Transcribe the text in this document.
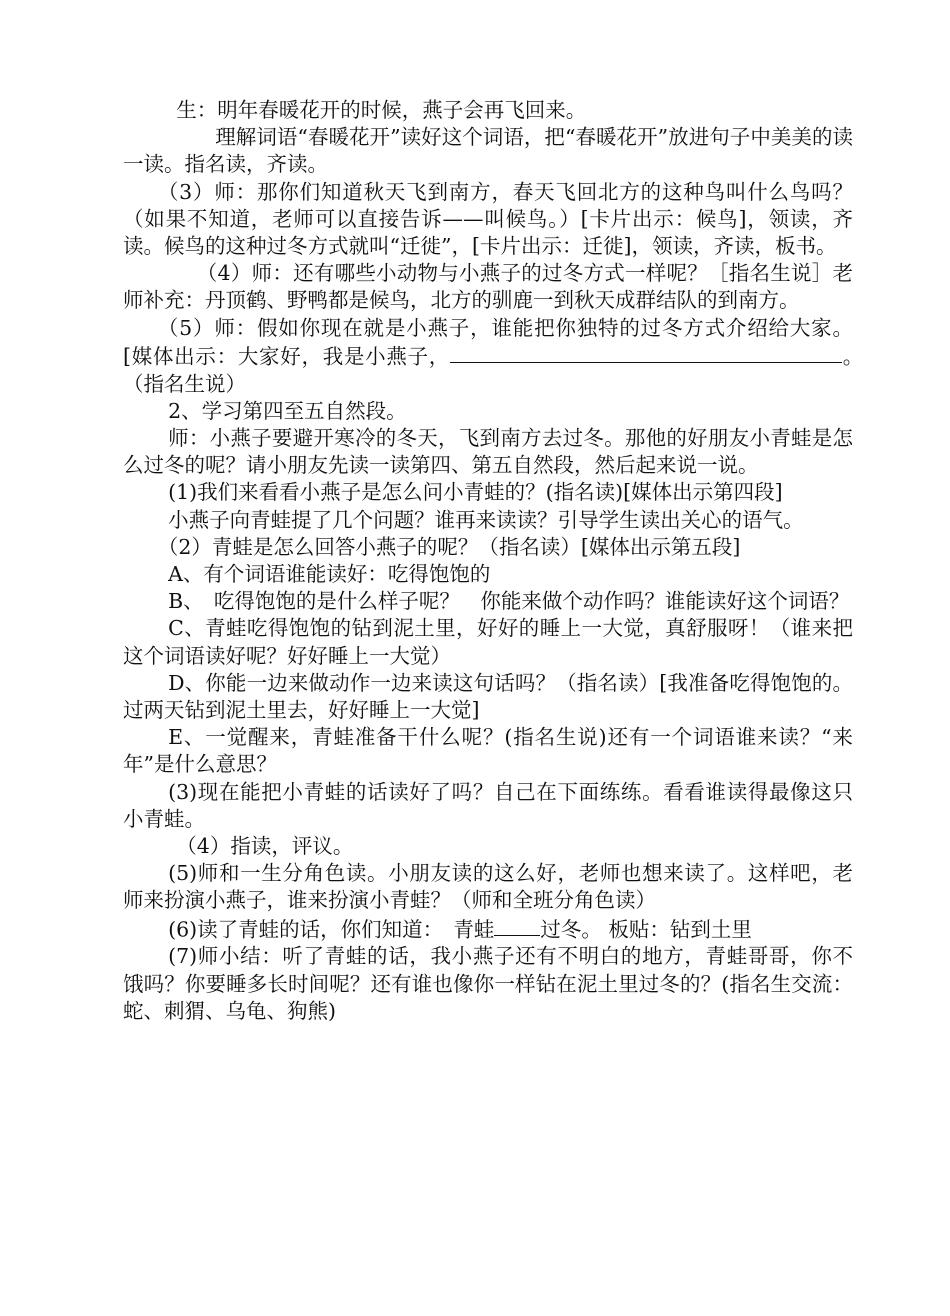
生：明年春暖花开的时候，燕子会再飞回来。

理解词语“春暖花开”读好这个词语，把“春暖花开”放进句子中美美的读一读。指名读，齐读。

（3）师：那你们知道秋天飞到南方，春天飞回北方的这种鸟叫什么鸟吗？（如果不知道，老师可以直接告诉——叫候鸟。）[卡片出示：候鸟]，领读，齐读。候鸟的这种过冬方式就叫“迁徙”，[卡片出示：迁徙]，领读，齐读，板书。

（4）师：还有哪些小动物与小燕子的过冬方式一样呢？［指名生说］老师补充：丹顶鹤、野鸭都是候鸟，北方的驯鹿一到秋天成群结队的到南方。

（5）师：假如你现在就是小燕子，谁能把你独特的过冬方式介绍给大家。[媒体出示：大家好，我是小燕子，	。　（指名生说）

2、学习第四至五自然段。

师：小燕子要避开寒冷的冬天，飞到南方去过冬。那他的好朋友小青蛙是怎么过冬的呢？请小朋友先读一读第四、第五自然段，然后起来说一说。

(1)我们来看看小燕子是怎么问小青蛙的？(指名读)[媒体出示第四段]

小燕子向青蛙提了几个问题？谁再来读读？引导学生读出关心的语气。

（2）青蛙是怎么回答小燕子的呢？（指名读）[媒体出示第五段]

A、有个词语谁能读好：吃得饱饱的

B、　吃得饱饱的是什么样子呢？　你能来做个动作吗？谁能读好这个词语？

C、青蛙吃得饱饱的钻到泥土里，好好的睡上一大觉，真舒服呀！（谁来把这个词语读好呢？好好睡上一大觉）

D、你能一边来做动作一边来读这句话吗？（指名读）[我准备吃得饱饱的。过两天钻到泥土里去，好好睡上一大觉]

E、一觉醒来，青蛙准备干什么呢？(指名生说)还有一个词语谁来读？“来年”是什么意思？

(3)现在能把小青蛙的话读好了吗？自己在下面练练。看看谁读得最像这只小青蛙。

（4）指读，评议。

(5)师和一生分角色读。小朋友读的这么好，老师也想来读了。这样吧，老师来扮演小燕子，谁来扮演小青蛙？（师和全班分角色读）

(6)读了青蛙的话，你们知道：　青蛙 过冬。 板贴：钻到土里

(7)师小结：听了青蛙的话，我小燕子还有不明白的地方，青蛙哥哥，你不饿吗？你要睡多长时间呢？还有谁也像你一样钻在泥土里过冬的？(指名生交流：蛇、刺猬、乌龟、狗熊)
